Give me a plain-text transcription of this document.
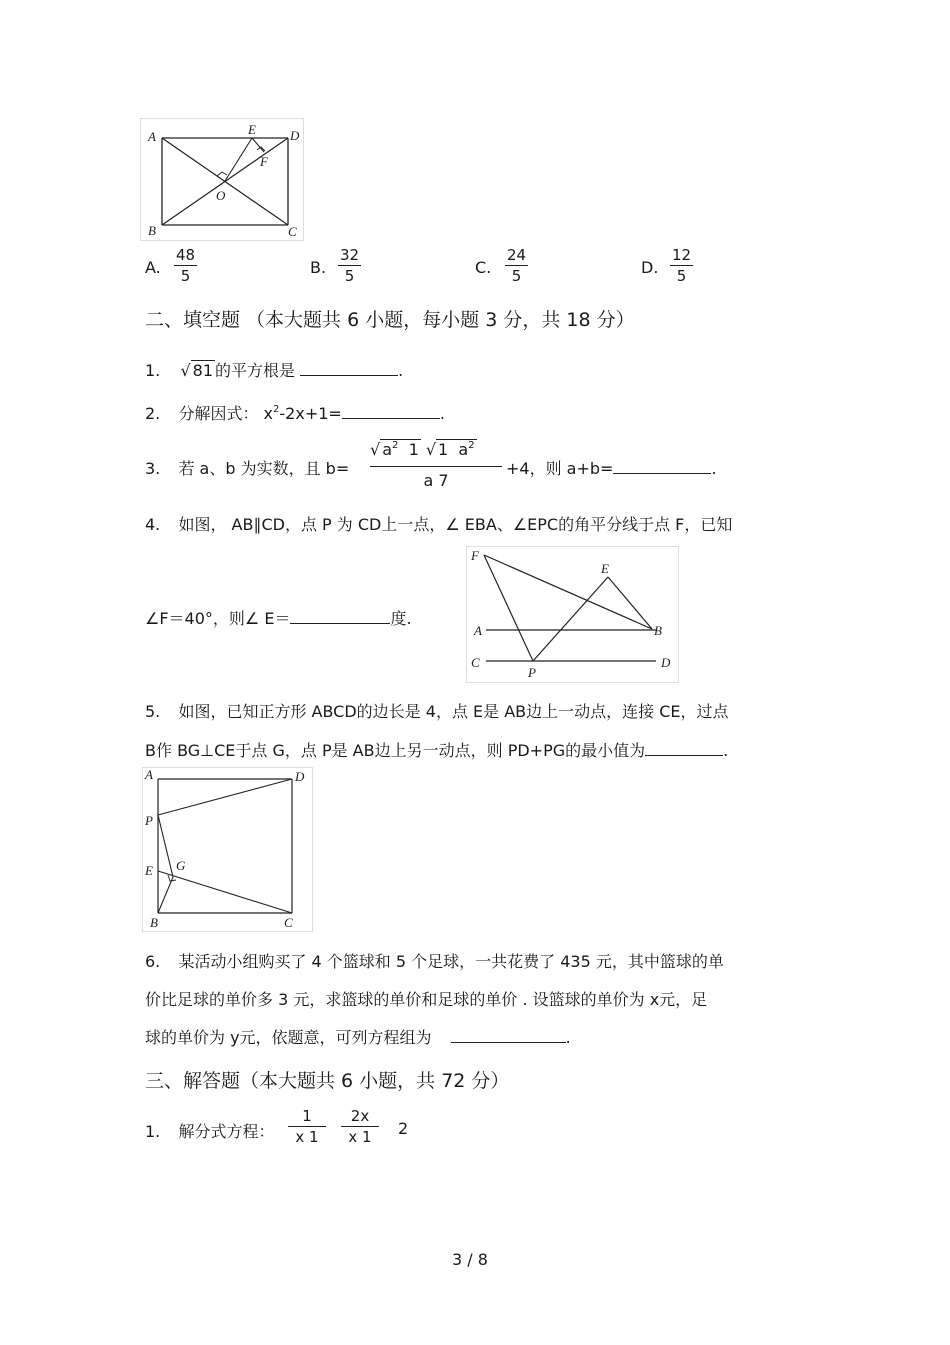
A	D
E
F
O
B	C
A.
48
5	B.
32
5	C.
24
5	D.
12
5
二、填空题 （本大题共 6 小题，每小题 3 分，共 18 分）
1. √ 81 的平方根是	.
2. 分解因式： $x^2-2x+1=$	.
3. 若 a、b 为实数，且 b=
√ $a^2$ 1 √ 1 $a^2$
a 7
+4，则 a+b=	.
4. 如图， AB∥CD，点 P 为 CD上一点，∠ EBA、∠EPC的角平分线于点 F，已知
∠F＝40°，则∠ E＝	度.
F
E
A	B
C
P
D
5. 如图，已知正方形 ABCD的边长是 4，点 E是 AB边上一动点，连接 CE，过点
B作 BG⊥CE于点 G，点 P是 AB边上另一动点，则 PD+PG的最小值为	.
A	D
P
G
E
B	C
6. 某活动小组购买了 4 个篮球和 5 个足球，一共花费了 435 元，其中篮球的单
价比足球的单价多 3 元，求篮球的单价和足球的单价 . 设篮球的单价为 x元，足
球的单价为 y元，依题意，可列方程组为	.
三、解答题（本大题共 6 小题，共 72 分）
1. 解分式方程：
1
x 1
2x
x 1	2
3 / 8
